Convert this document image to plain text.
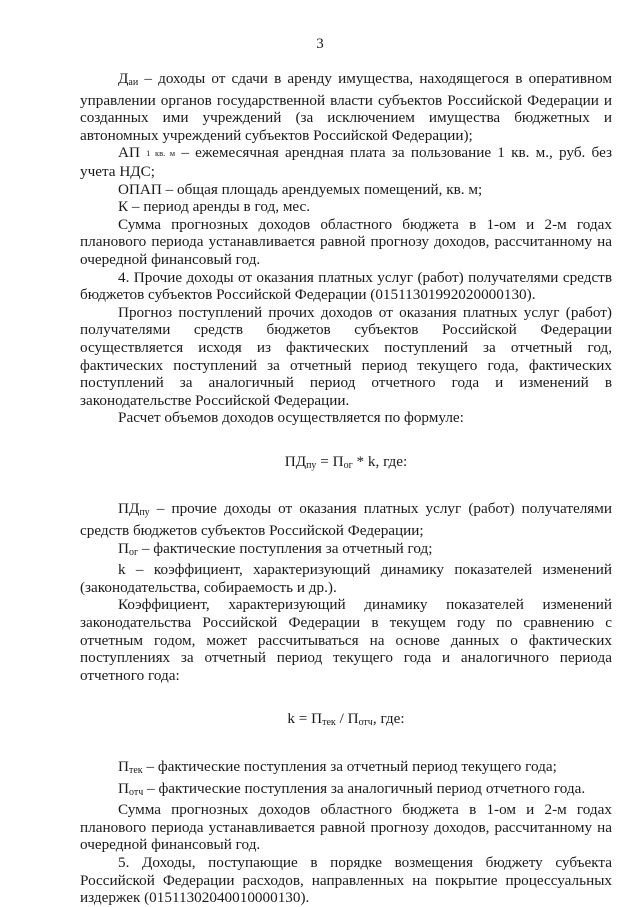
3

Даи – доходы от сдачи в аренду имущества, находящегося в оперативном управлении органов государственной власти субъектов Российской Федерации и созданных ими учреждений (за исключением имущества бюджетных и автономных учреждений субъектов Российской Федерации);

АП 1 кв. м – ежемесячная арендная плата за пользование 1 кв. м., руб. без учета НДС;

ОПАП – общая площадь арендуемых помещений, кв. м;

К – период аренды в год, мес.

Сумма прогнозных доходов областного бюджета в 1-ом и 2-м годах планового периода устанавливается равной прогнозу доходов, рассчитанному на очередной финансовый год.

4. Прочие доходы от оказания платных услуг (работ) получателями средств бюджетов субъектов Российской Федерации (01511301992020000130).

Прогноз поступлений прочих доходов от оказания платных услуг (работ) получателями средств бюджетов субъектов Российской Федерации осуществляется исходя из фактических поступлений за отчетный год, фактических поступлений за отчетный период текущего года, фактических поступлений за аналогичный период отчетного года и изменений в законодательстве Российской Федерации.

Расчет объемов доходов осуществляется по формуле:

ПДпу = Пог * k, где:

ПДпу – прочие доходы от оказания платных услуг (работ) получателями средств бюджетов субъектов Российской Федерации;

Пог – фактические поступления за отчетный год;

k – коэффициент, характеризующий динамику показателей изменений (законодательства, собираемость и др.).

Коэффициент, характеризующий динамику показателей изменений законодательства Российской Федерации в текущем году по сравнению с отчетным годом, может рассчитываться на основе данных о фактических поступлениях за отчетный период текущего года и аналогичного периода отчетного года:

k = Птек / Потч, где:

Птек – фактические поступления за отчетный период текущего года;

Потч – фактические поступления за аналогичный период отчетного года.

Сумма прогнозных доходов областного бюджета в 1-ом и 2-м годах планового периода устанавливается равной прогнозу доходов, рассчитанному на очередной финансовый год.

5. Доходы, поступающие в порядке возмещения бюджету субъекта Российской Федерации расходов, направленных на покрытие процессуальных издержек (01511302040010000130).
